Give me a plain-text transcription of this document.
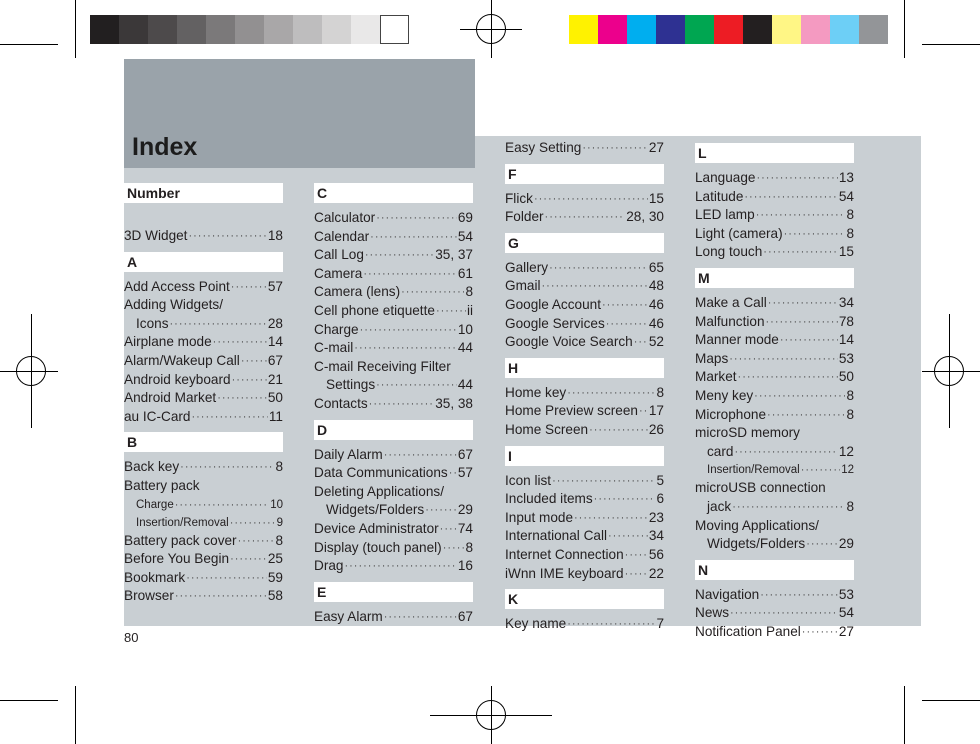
Index
Number
3D Widget ·····	18
A
Add Access Point ·····	57
Adding Widgets/
Icons ·····	28
Airplane mode ·····	14
Alarm/Wakeup Call ····· 67
Android keyboard ·····	21
Android Market ·····	50
au IC-Card ·····	11
B
Back key ·····	8
Battery pack
Charge ·····	10
Insertion/Removal ·····	9
Battery pack cover ·····	8
Before You Begin ·····	25
Bookmark ·····	59
Browser ·····	58
C
Calculator ·····	69
Calendar ·····	54
Call Log ·····	35, 37
Camera ·····	61
Camera (lens) ·····	8
Cell phone etiquette ····· ii
Charge ·····	10
C-mail ·····	44
C-mail Receiving Filter
Settings ·····	44
Contacts ·····	35, 38
D
Daily Alarm ·····	67
Data Communications ····· 57
Deleting Applications/
Widgets/Folders ····· 29
Device Administrator ····· 74
Display (touch panel) ····· 8
Drag ·····	16
E
Easy Alarm ·····	67
Easy Setting ·····	27
F
Flick ·····	15
Folder ·····	28, 30
G
Gallery ·····	65
Gmail ·····	48
Google Account ·····	46
Google Services ·····	46
Google Voice Search ····· 52
H
Home key ·····	8
Home Preview screen ····· 17
Home Screen ·····	26
I
Icon list ·····	5
Included items ·····	6
Input mode ·····	23
International Call ·····	34
Internet Connection ····· 56
iWnn IME keyboard ····· 22
K
Key name ·····	7
L
Language ·····	13
Latitude ·····	54
LED lamp ·····	8
Light (camera) ·····	8
Long touch ·····	15
M
Make a Call ·····	34
Malfunction ·····	78
Manner mode ·····	14
Maps ·····	53
Market ·····	50
Meny key ·····	8
Microphone ·····	8
microSD memory
card ·····	12
Insertion/Removal ·····	12
microUSB connection
jack ·····	8
Moving Applications/
Widgets/Folders ····· 29
N
Navigation ·····	53
News ·····	54
Notification Panel ·····	27
80
